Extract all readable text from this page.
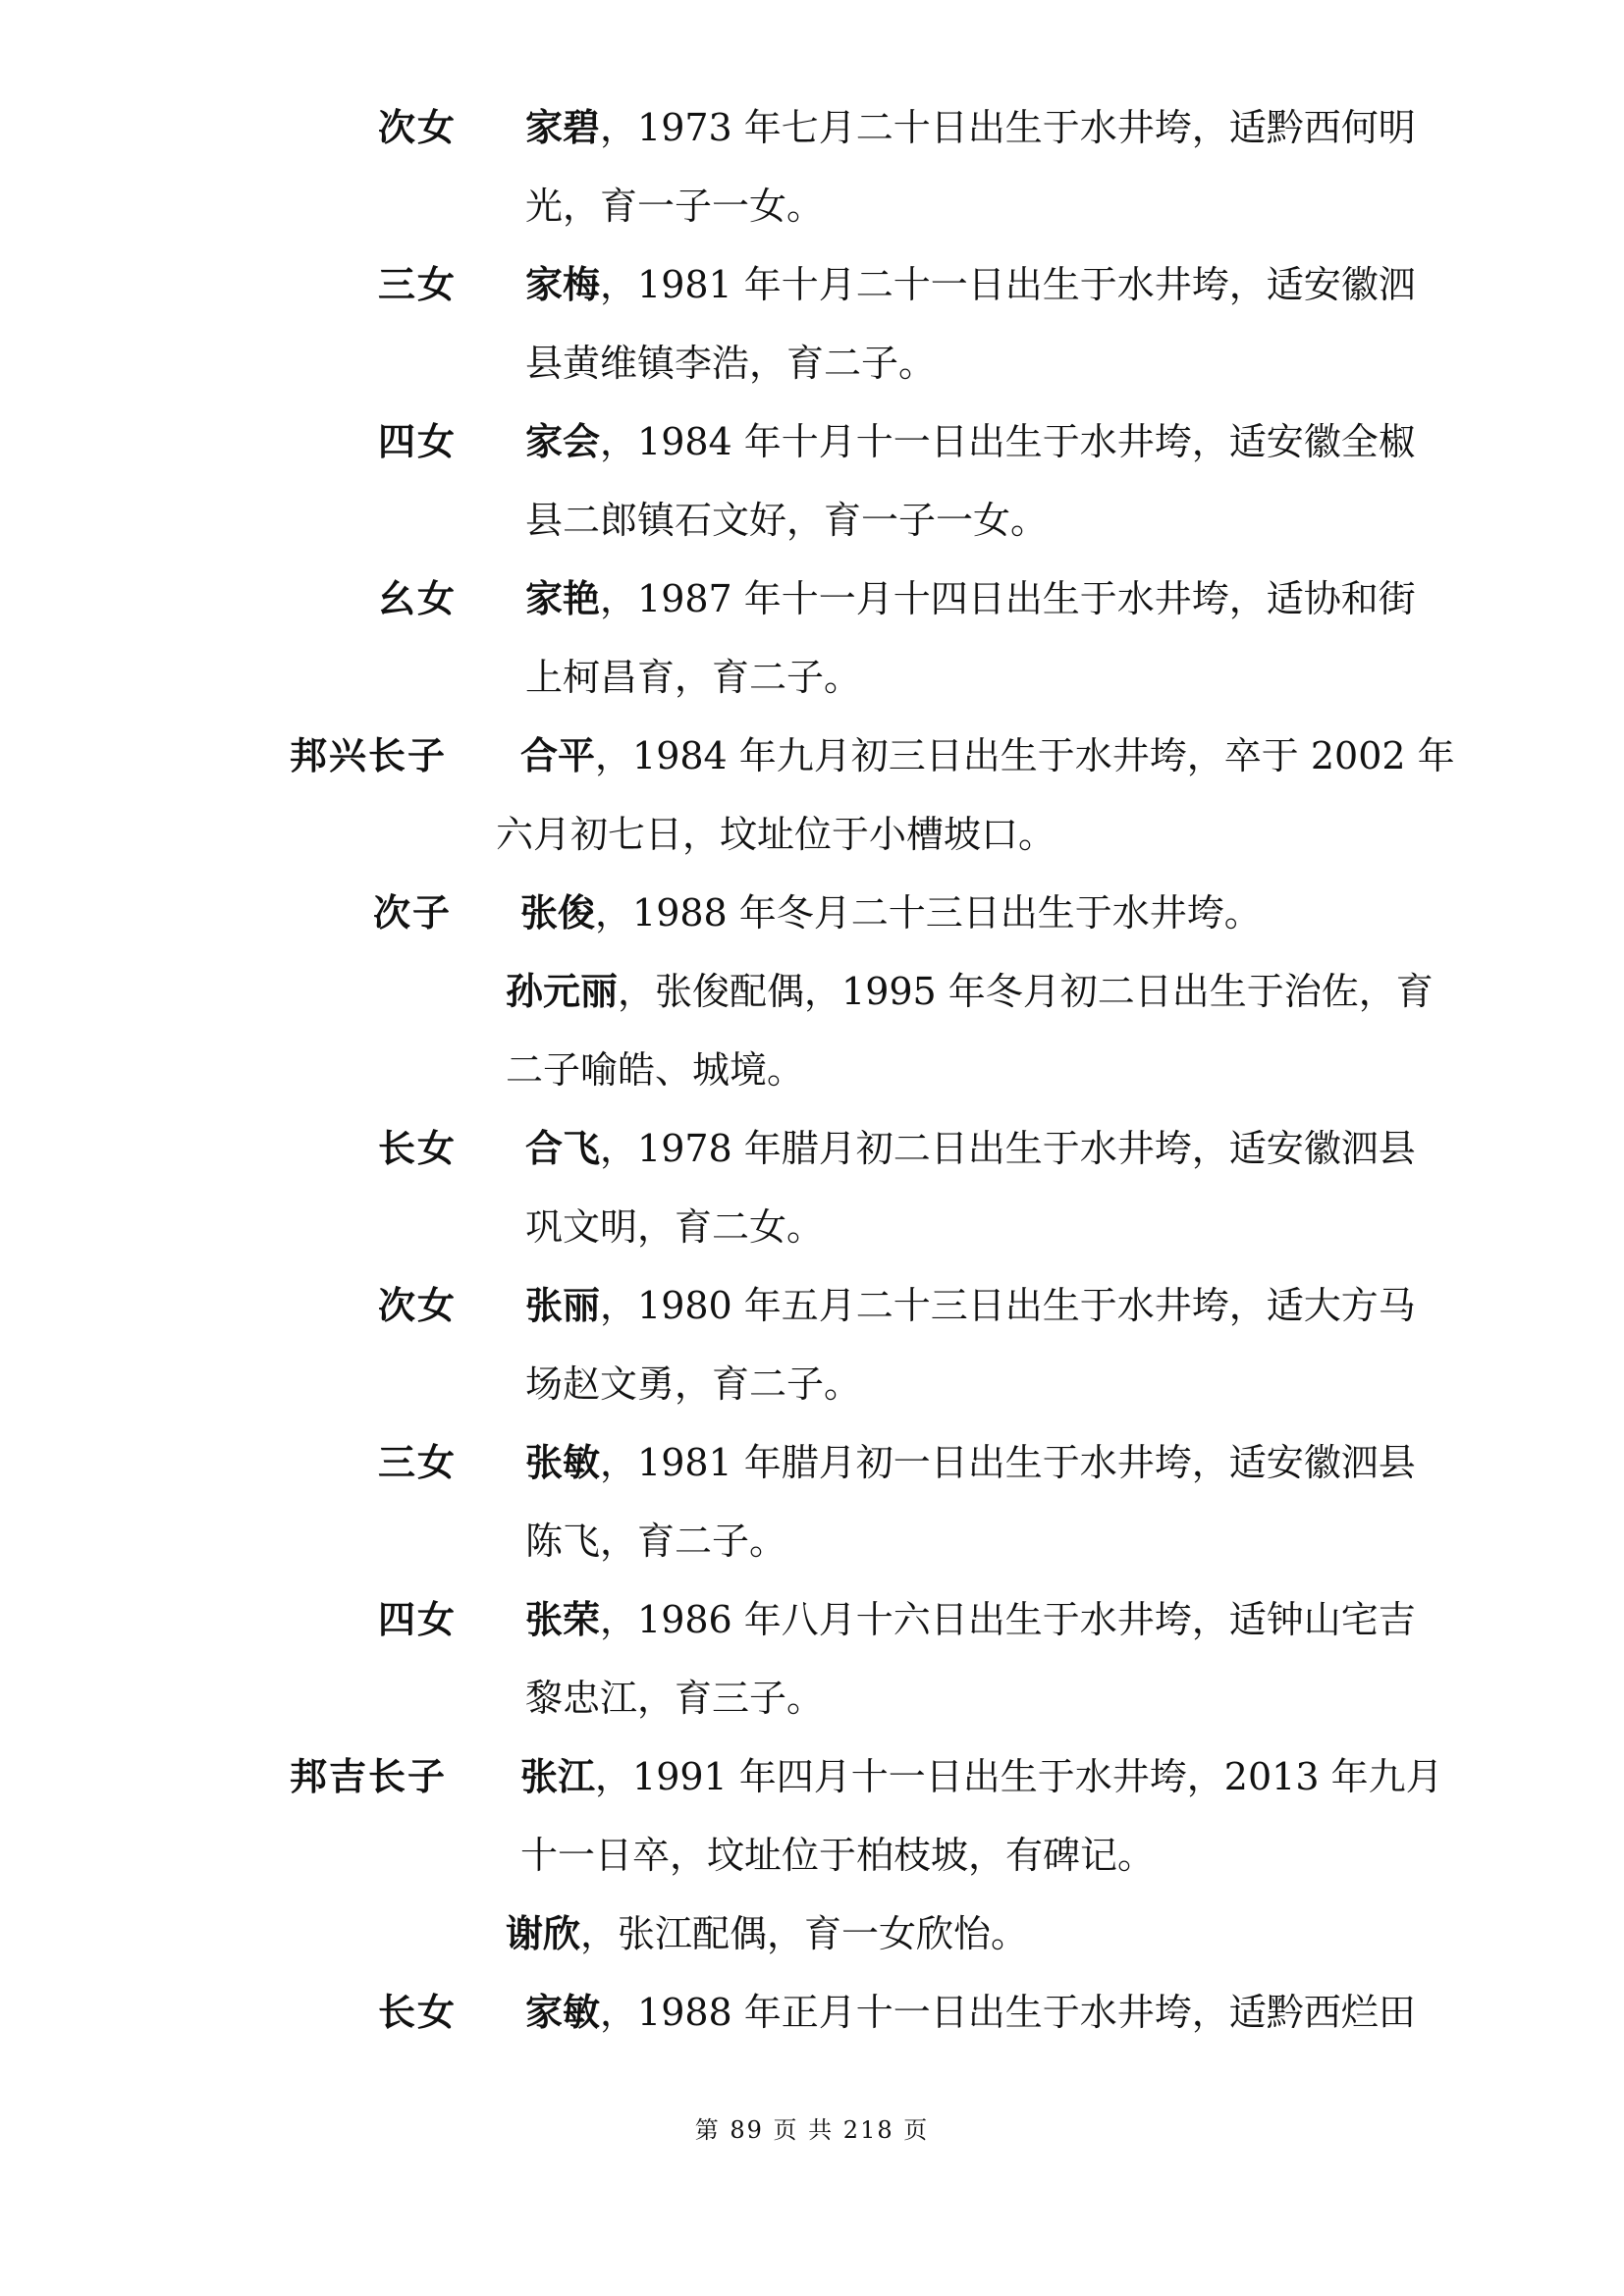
次女 家碧，1973 年七月二十日出生于水井垮，适黔西何明
光，育一子一女。
三女 家梅，1981 年十月二十一日出生于水井垮，适安徽泗
县黄维镇李浩，育二子。
四女 家会，1984 年十月十一日出生于水井垮，适安徽全椒
县二郎镇石文好，育一子一女。
幺女 家艳，1987 年十一月十四日出生于水井垮，适协和街
上柯昌育，育二子。
邦兴长子 合平，1984 年九月初三日出生于水井垮，卒于 2002 年
六月初七日，坟址位于小槽坡口。
次子 张俊，1988 年冬月二十三日出生于水井垮。
孙元丽，张俊配偶，1995 年冬月初二日出生于治佐，育
二子喻皓、城境。
长女 合飞，1978 年腊月初二日出生于水井垮，适安徽泗县
巩文明，育二女。
次女 张丽，1980 年五月二十三日出生于水井垮，适大方马
场赵文勇，育二子。
三女 张敏，1981 年腊月初一日出生于水井垮，适安徽泗县
陈飞，育二子。
四女 张荣，1986 年八月十六日出生于水井垮，适钟山宅吉
黎忠江，育三子。
邦吉长子 张江，1991 年四月十一日出生于水井垮，2013 年九月
十一日卒，坟址位于柏枝坡，有碑记。
谢欣，张江配偶，育一女欣怡。
长女 家敏，1988 年正月十一日出生于水井垮，适黔西烂田
第 89 页 共 218 页
